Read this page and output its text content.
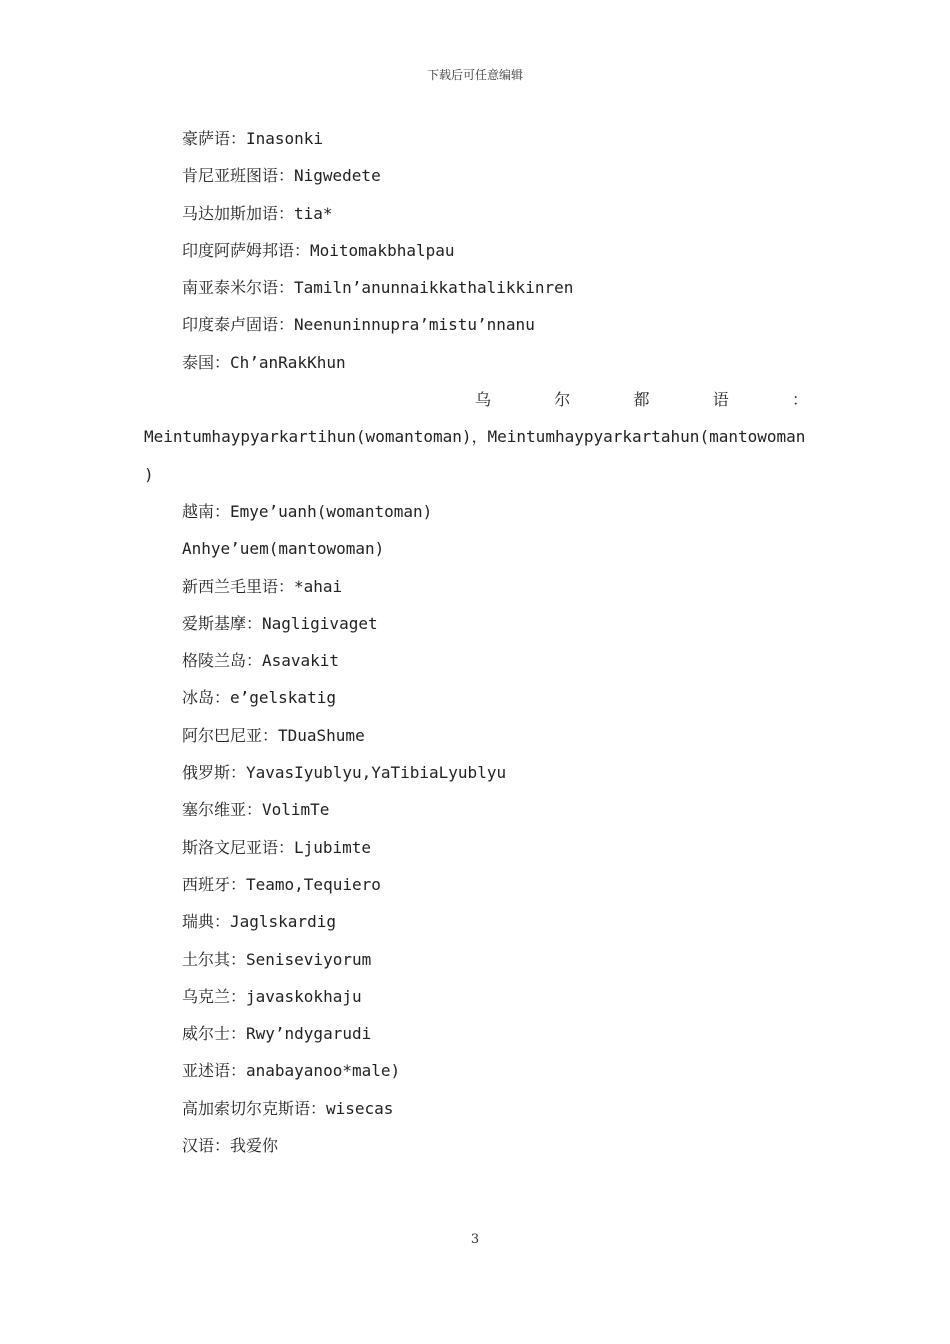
下载后可任意编辑
豪萨语：Inasonki
肯尼亚班图语：Nigwedete
马达加斯加语：tia*
印度阿萨姆邦语：Moitomakbhalpau
南亚泰米尔语：Tamiln’anunnaikkathalikkinren
印度泰卢固语：Neenuninnupra’mistu’nnanu
泰国：Ch’anRakKhun
乌	尔	都	语	：
Meintumhaypyarkartihun(womantoman)，Meintumhaypyarkartahun(mantowoman
)
越南：Emye’uanh(womantoman)
Anhye’uem(mantowoman)
新西兰毛里语：*ahai
爱斯基摩：Nagligivaget
格陵兰岛：Asavakit
冰岛：e’gelskatig
阿尔巴尼亚：TDuaShume
俄罗斯：YavasIyublyu,YaTibiaLyublyu
塞尔维亚：VolimTe
斯洛文尼亚语：Ljubimte
西班牙：Teamo,Tequiero
瑞典：Jaglskardig
土尔其：Seniseviyorum
乌克兰：javaskokhaju
威尔士：Rwy’ndygarudi
亚述语：anabayanoo*male)
高加索切尔克斯语：wisecas
汉语：我爱你
3
